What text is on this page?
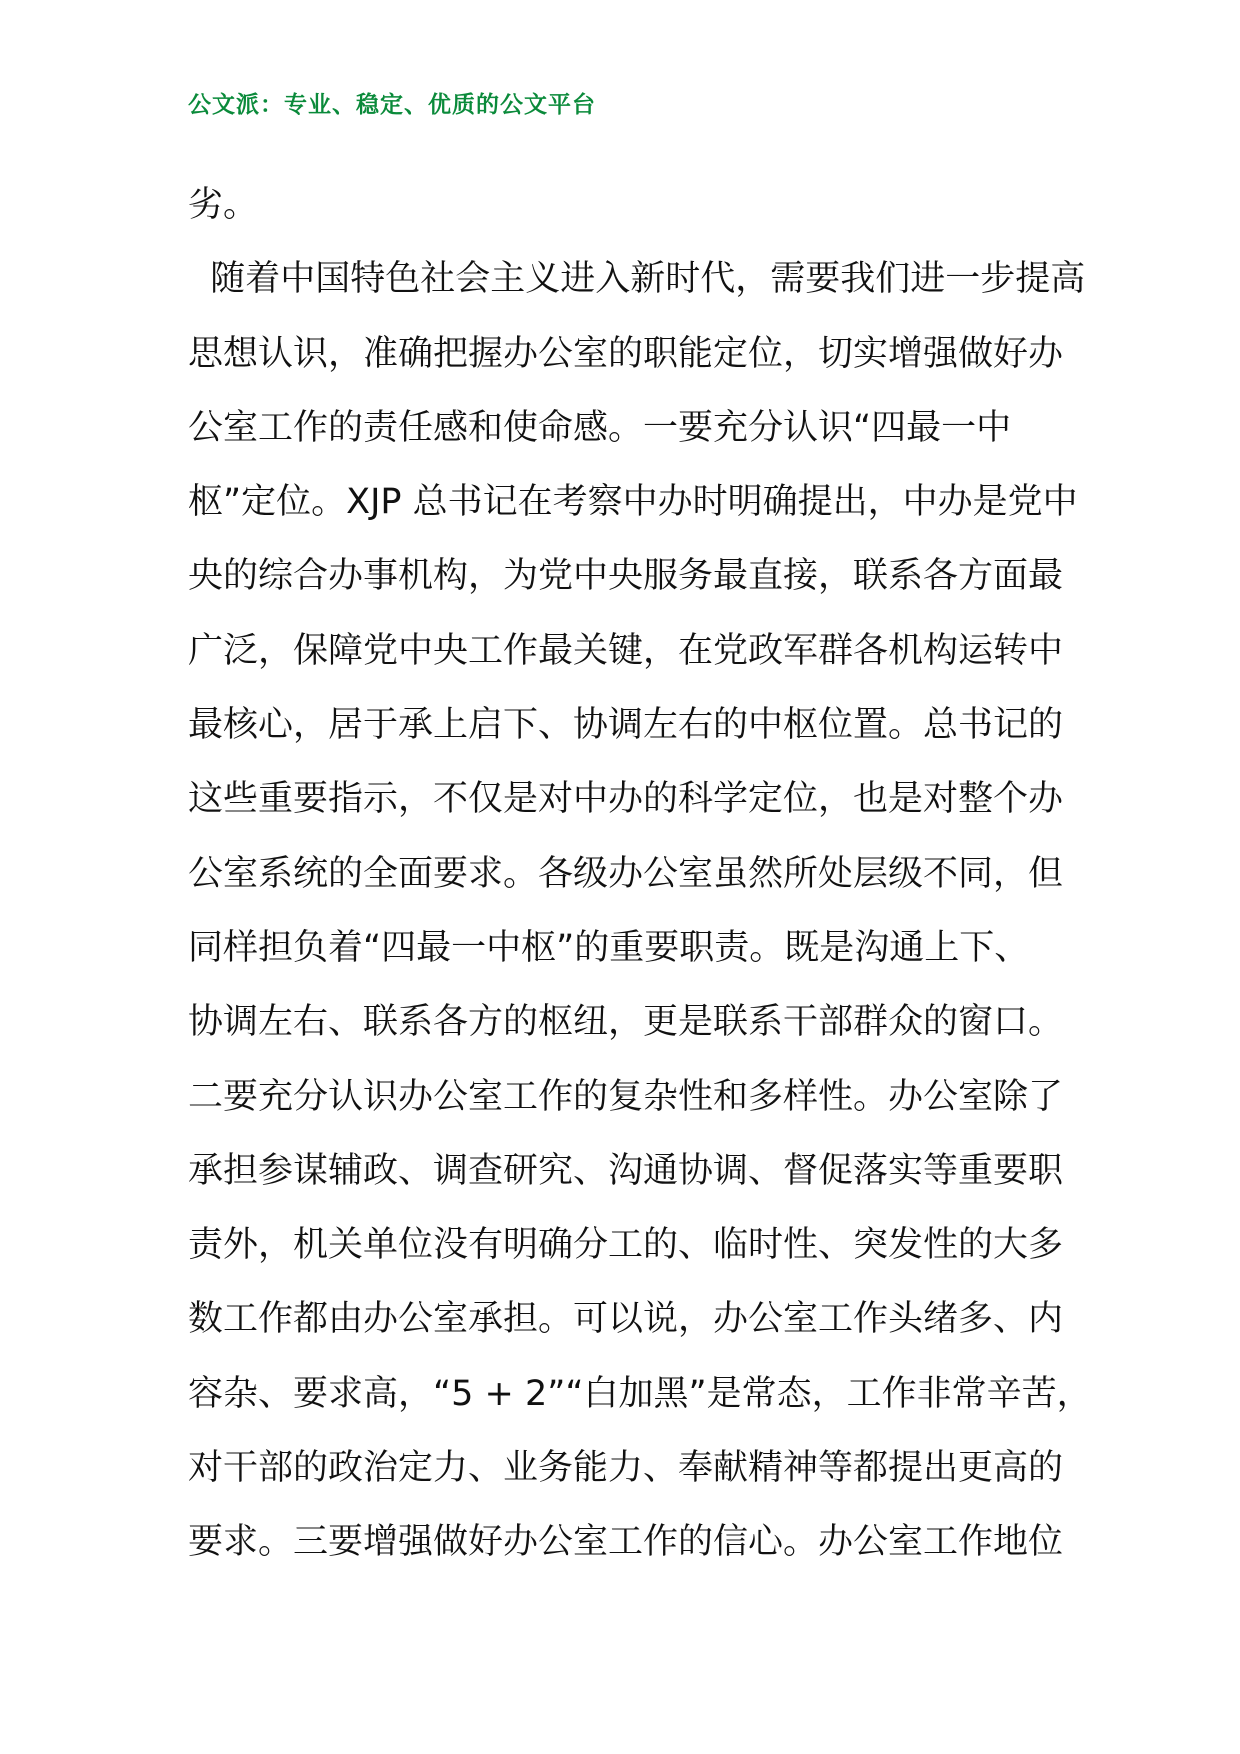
公文派：专业、稳定、优质的公文平台
劣。
随着中国特色社会主义进入新时代，需要我们进一步提高
思想认识，准确把握办公室的职能定位，切实增强做好办
公室工作的责任感和使命感。一要充分认识“四最一中
枢”定位。XJP 总书记在考察中办时明确提出，中办是党中
央的综合办事机构，为党中央服务最直接，联系各方面最
广泛，保障党中央工作最关键，在党政军群各机构运转中
最核心，居于承上启下、协调左右的中枢位置。总书记的
这些重要指示，不仅是对中办的科学定位，也是对整个办
公室系统的全面要求。各级办公室虽然所处层级不同，但
同样担负着“四最一中枢”的重要职责。既是沟通上下、
协调左右、联系各方的枢纽，更是联系干部群众的窗口。
二要充分认识办公室工作的复杂性和多样性。办公室除了
承担参谋辅政、调查研究、沟通协调、督促落实等重要职
责外，机关单位没有明确分工的、临时性、突发性的大多
数工作都由办公室承担。可以说，办公室工作头绪多、内
容杂、要求高，“5 + 2”“白加黑”是常态，工作非常辛苦，
对干部的政治定力、业务能力、奉献精神等都提出更高的
要求。三要增强做好办公室工作的信心。办公室工作地位
